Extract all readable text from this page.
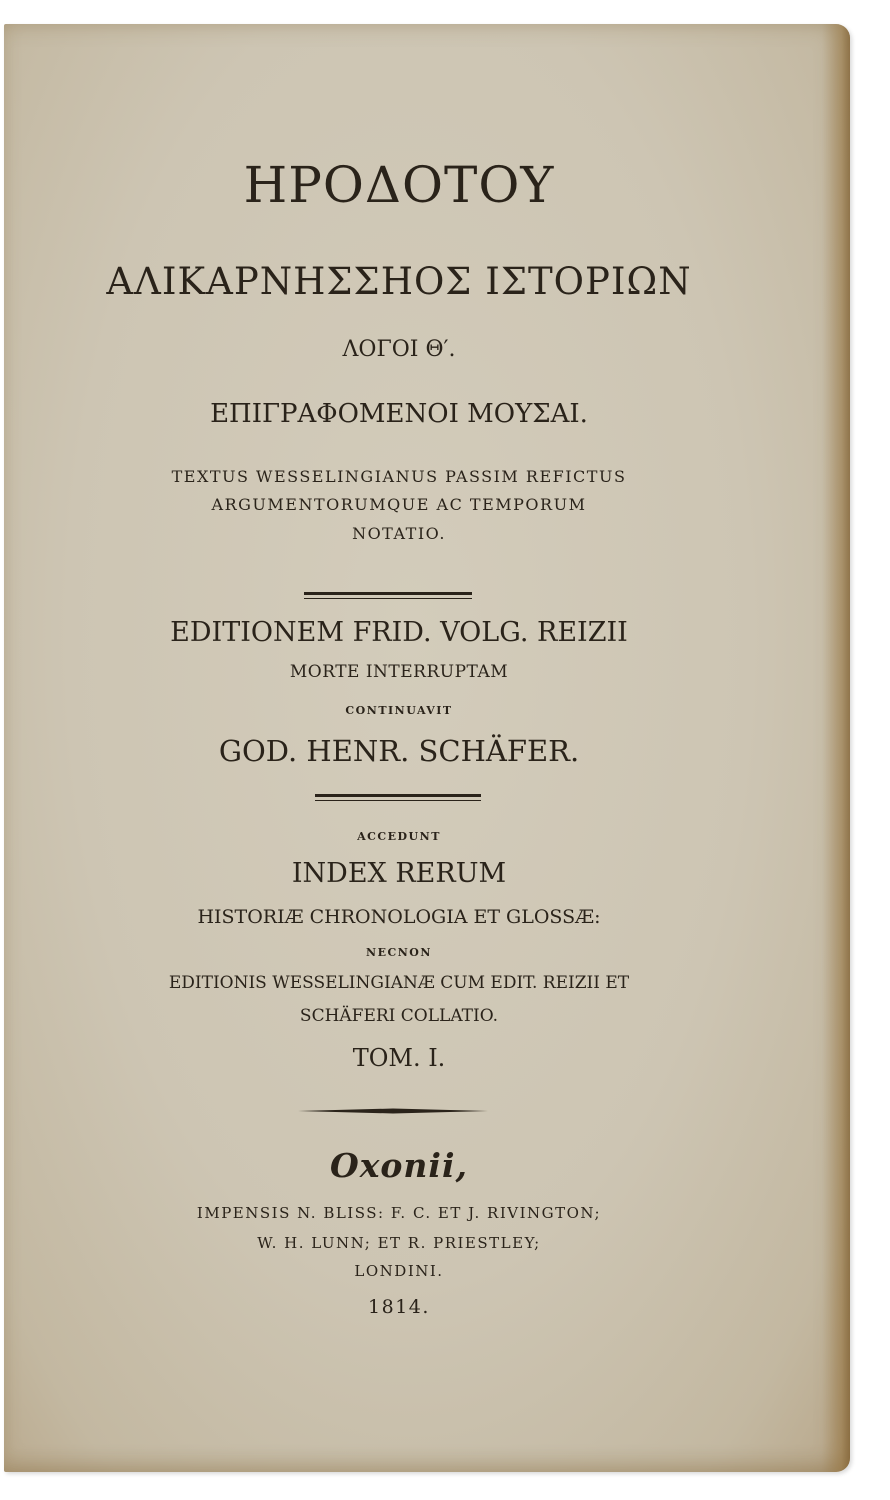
ΗΡΟΔΟΤΟΥ
ΑΛΙΚΑΡΝΗΣΣΗΟΣ ΙΣΤΟΡΙΩΝ
ΛΟΓΟΙ Θ′.
ΕΠΙΓΡΑΦΟΜΕΝΟΙ ΜΟΥΣΑΙ.
TEXTUS WESSELINGIANUS PASSIM REFICTUS
ARGUMENTORUMQUE AC TEMPORUM
NOTATIO.
EDITIONEM FRID. VOLG. REIZII
MORTE INTERRUPTAM
CONTINUAVIT
GOD. HENR. SCHÄFER.
ACCEDUNT
INDEX RERUM
HISTORIÆ CHRONOLOGIA ET GLOSSÆ:
NECNON
EDITIONIS WESSELINGIANÆ CUM EDIT. REIZII ET
SCHÄFERI COLLATIO.
TOM. I.
Oxonii,
IMPENSIS N. BLISS: F. C. ET J. RIVINGTON;
W. H. LUNN; ET R. PRIESTLEY;
LONDINI.
1814.
